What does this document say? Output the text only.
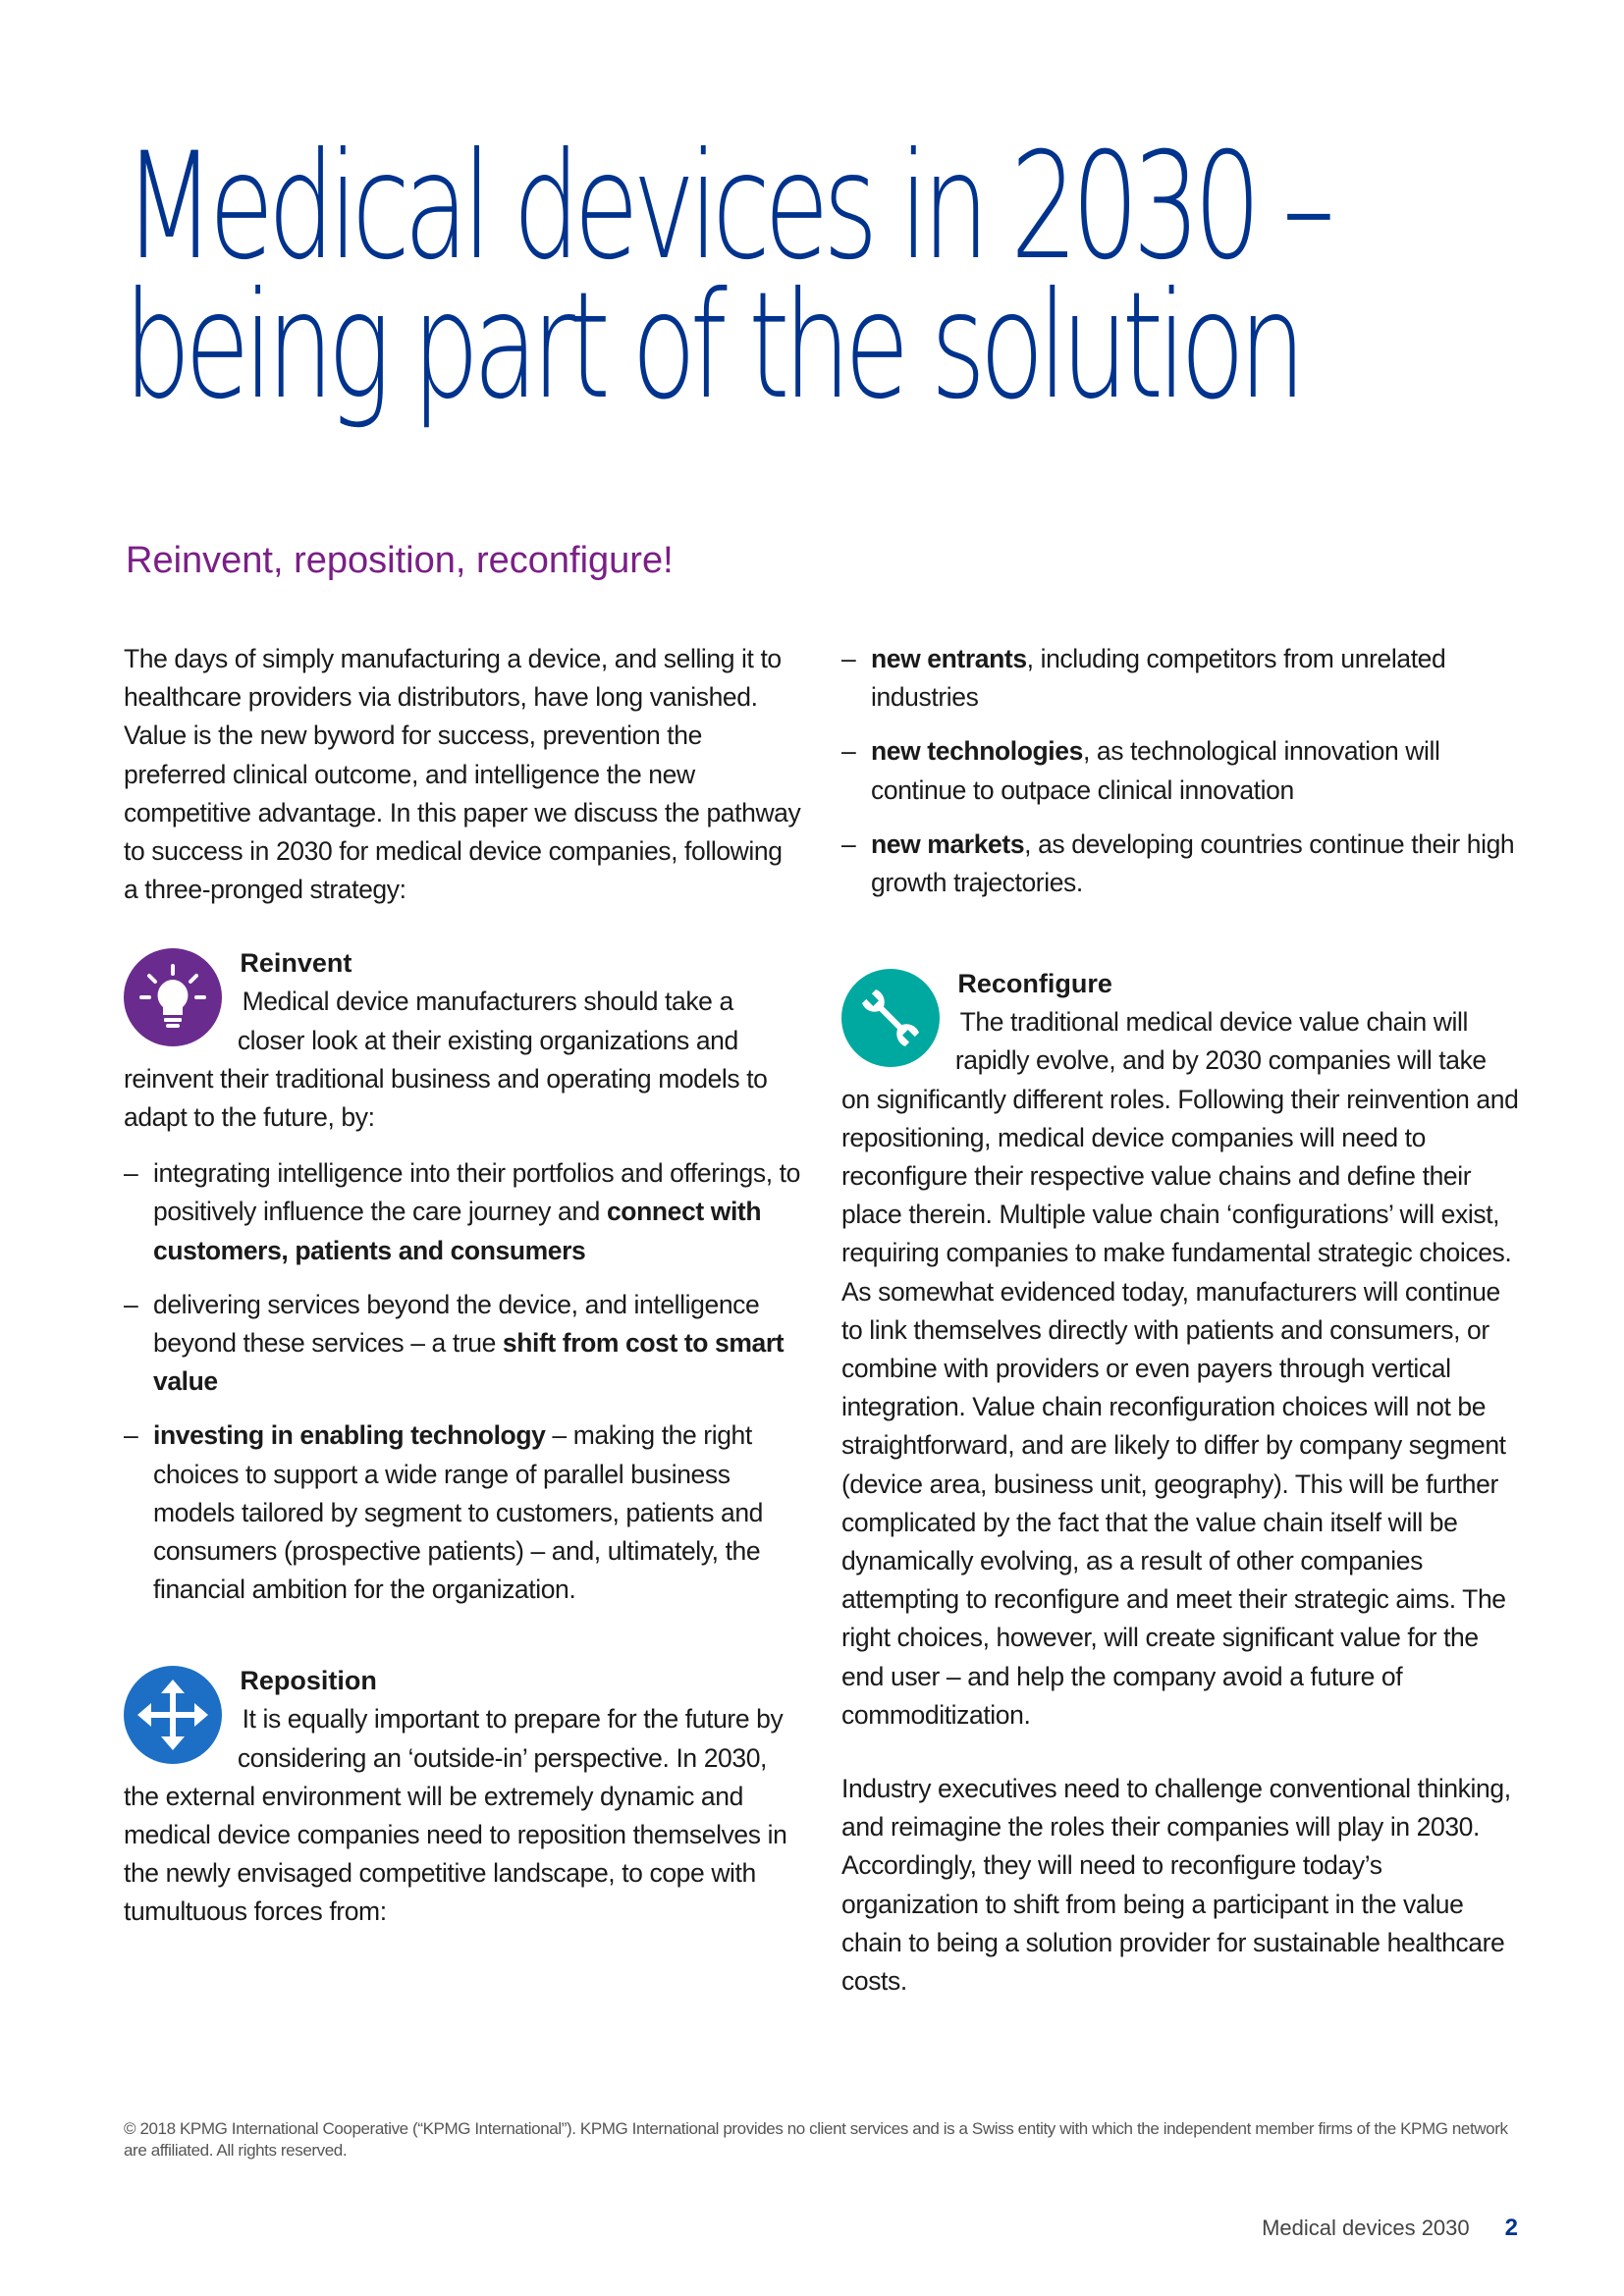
Medical devices in 2030 –
being part of the solution
Reinvent, reposition, reconfigure!

The days of simply manufacturing a device, and selling it to healthcare providers via distributors, have long vanished. Value is the new byword for success, prevention the preferred clinical outcome, and intelligence the new competitive advantage. In this paper we discuss the pathway to success in 2030 for medical device companies, following a three-pronged strategy:

Reinvent

Medical device manufacturers should take a closer look at their existing organizations and reinvent their traditional business and operating models to adapt to the future, by:

– integrating intelligence into their portfolios and offerings, to positively influence the care journey and connect with customers, patients and consumers
– delivering services beyond the device, and intelligence beyond these services – a true shift from cost to smart value
– investing in enabling technology – making the right choices to support a wide range of parallel business models tailored by segment to customers, patients and consumers (prospective patients) – and, ultimately, the financial ambition for the organization.
Reposition

It is equally important to prepare for the future by considering an ‘outside-in’ perspective. In 2030, the external environment will be extremely dynamic and medical device companies need to reposition themselves in the newly envisaged competitive landscape, to cope with tumultuous forces from:

– new entrants, including competitors from unrelated industries
– new technologies, as technological innovation will continue to outpace clinical innovation
– new markets, as developing countries continue their high growth trajectories.
Reconfigure

The traditional medical device value chain will rapidly evolve, and by 2030 companies will take on significantly different roles. Following their reinvention and repositioning, medical device companies will need to reconfigure their respective value chains and define their place therein. Multiple value chain ‘configurations’ will exist, requiring companies to make fundamental strategic choices. As somewhat evidenced today, manufacturers will continue to link themselves directly with patients and consumers, or combine with providers or even payers through vertical integration. Value chain reconfiguration choices will not be straightforward, and are likely to differ by company segment (device area, business unit, geography). This will be further complicated by the fact that the value chain itself will be dynamically evolving, as a result of other companies attempting to reconfigure and meet their strategic aims. The right choices, however, will create significant value for the end user – and help the company avoid a future of commoditization.

Industry executives need to challenge conventional thinking, and reimagine the roles their companies will play in 2030. Accordingly, they will need to reconfigure today’s organization to shift from being a participant in the value chain to being a solution provider for sustainable healthcare costs.

© 2018 KPMG International Cooperative (“KPMG International”). KPMG International provides no client services and is a Swiss entity with which the independent member firms of the KPMG network are affiliated. All rights reserved.

Medical devices 2030 2
